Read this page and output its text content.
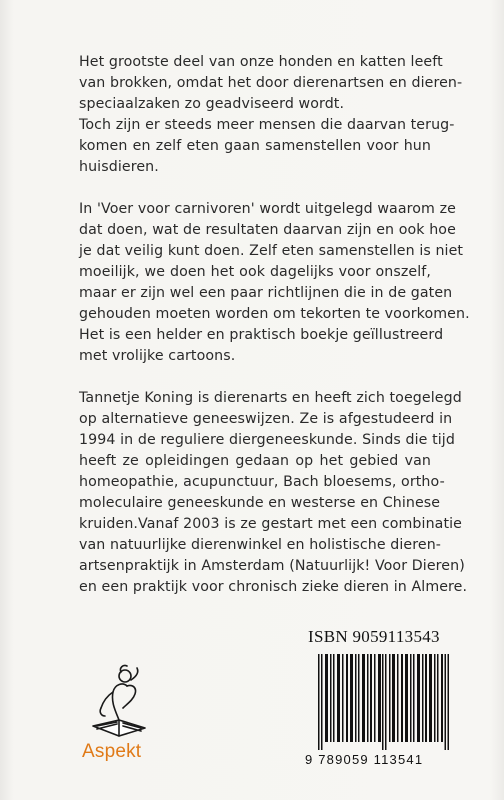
Het grootste deel van onze honden en katten leeft
van brokken, omdat het door dierenartsen en dieren-
speciaalzaken zo geadviseerd wordt.
Toch zijn er steeds meer mensen die daarvan terug-
komen en zelf eten gaan samenstellen voor hun
huisdieren.

In 'Voer voor carnivoren' wordt uitgelegd waarom ze
dat doen, wat de resultaten daarvan zijn en ook hoe
je dat veilig kunt doen. Zelf eten samenstellen is niet
moeilijk, we doen het ook dagelijks voor onszelf,
maar er zijn wel een paar richtlijnen die in de gaten
gehouden moeten worden om tekorten te voorkomen.
Het is een helder en praktisch boekje geïllustreerd
met vrolijke cartoons.

Tannetje Koning is dierenarts en heeft zich toegelegd
op alternatieve geneeswijzen. Ze is afgestudeerd in
1994 in de reguliere diergeneeskunde. Sinds die tijd
heeft ze opleidingen gedaan op het gebied van
homeopathie, acupunctuur, Bach bloesems, ortho-
moleculaire geneeskunde en westerse en Chinese
kruiden.Vanaf 2003 is ze gestart met een combinatie
van natuurlijke dierenwinkel en holistische dieren-
artsenpraktijk in Amsterdam (Natuurlijk! Voor Dieren)
en een praktijk voor chronisch zieke dieren in Almere.

Aspekt
ISBN 9059113543
9 789059 113541
